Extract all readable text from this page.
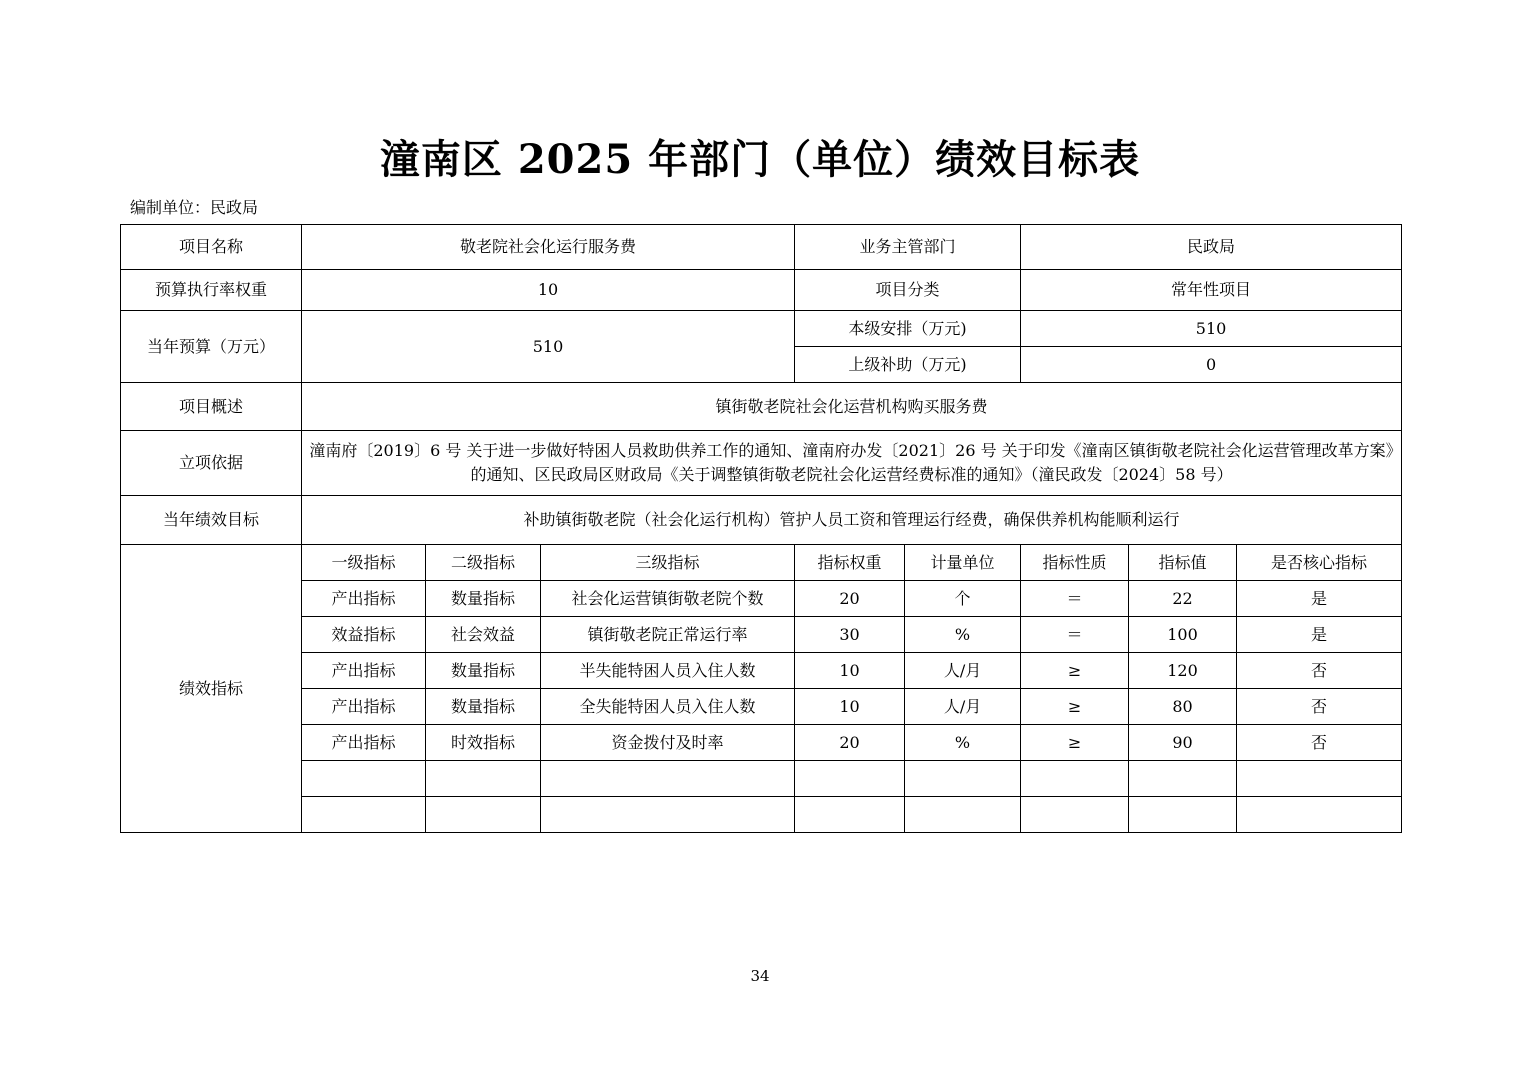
潼南区 2025 年部门（单位）绩效目标表
编制单位：民政局
项目名称	敬老院社会化运行服务费			业务主管部门		民政局		
预算执行率权重	10			项目分类		常年性项目		
当年预算（万元）	510			本级安排（万元)		510		
				上级补助（万元)		0		
项目概述	镇街敬老院社会化运营机构购买服务费							
立项依据	潼南府〔2019〕6 号 关于进一步做好特困人员救助供养工作的通知、潼南府办发〔2021〕26 号 关于印发《潼南区镇街敬老院社会化运营管理改革方案》的通知、区民政局区财政局《关于调整镇街敬老院社会化运营经费标准的通知》（潼民政发〔2024〕58 号）							
当年绩效目标	补助镇街敬老院（社会化运行机构）管护人员工资和管理运行经费，确保供养机构能顺利运行							
绩效指标	一级指标	二级指标	三级指标	指标权重	计量单位	指标性质	指标值	是否核心指标
	产出指标	数量指标	社会化运营镇街敬老院个数	20	个	＝	22	是
	效益指标	社会效益	镇街敬老院正常运行率	30	%	＝	100	是
	产出指标	数量指标	半失能特困人员入住人数	10	人/月	≥	120	否
	产出指标	数量指标	全失能特困人员入住人数	10	人/月	≥	80	否
	产出指标	时效指标	资金拨付及时率	20	%	≥	90	否

34
